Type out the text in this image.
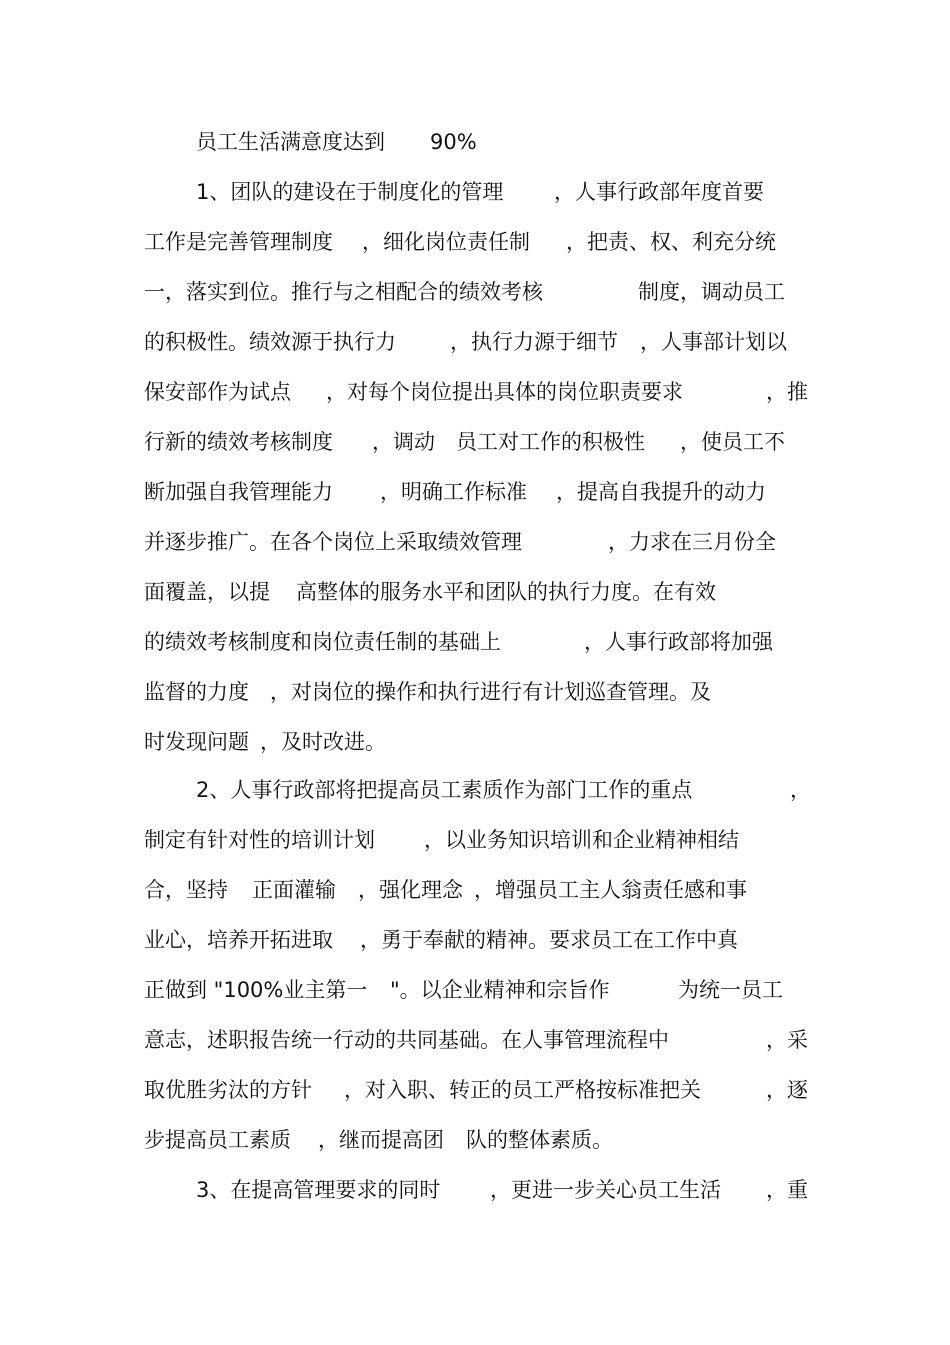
员工生活满意度达到

90%

1、团队的建设在于制度化的管理

，人事行政部年度首要

工作是完善管理制度

，细化岗位责任制

，把责、权、利充分统

一，落实到位。推行与之相配合的绩效考核

	制度，调动员工

的积极性。绩效源于执行力

	，执行力源于细节

，人事部计划以

保安部作为试点

，对每个岗位提出具体的岗位职责要求

	，推

行新的绩效考核制度

，调动

员工对工作的积极性

，使员工不

断加强自我管理能力

，明确工作标准

，提高自我提升的动力

并逐步推广。在各个岗位上采取绩效管理

	，力求在三月份全

面覆盖，以提

高整体的服务水平和团队的执行力度。在有效

的绩效考核制度和岗位责任制的基础上

	，人事行政部将加强

监督的力度

，对岗位的操作和执行进行有计划巡查管理。及

时发现问题

，及时改进。

2、人事行政部将把提高员工素质作为部门工作的重点

	，

制定有针对性的培训计划

，以业务知识培训和企业精神相结

合，坚持

正面灌输

，强化理念

，增强员工主人翁责任感和事

业心，培养开拓进取

，勇于奉献的精神。要求员工在工作中真

正做到 "100%业主第一

"。以企业精神和宗旨作

	为统一员工

意志，述职报告统一行动的共同基础。在人事管理流程中

	，采

取优胜劣汰的方针

，对入职、转正的员工严格按标准把关

	，逐

步提高员工素质

，继而提高团

队的整体素质。

3、在提高管理要求的同时

，更进一步关心员工生活

，重
